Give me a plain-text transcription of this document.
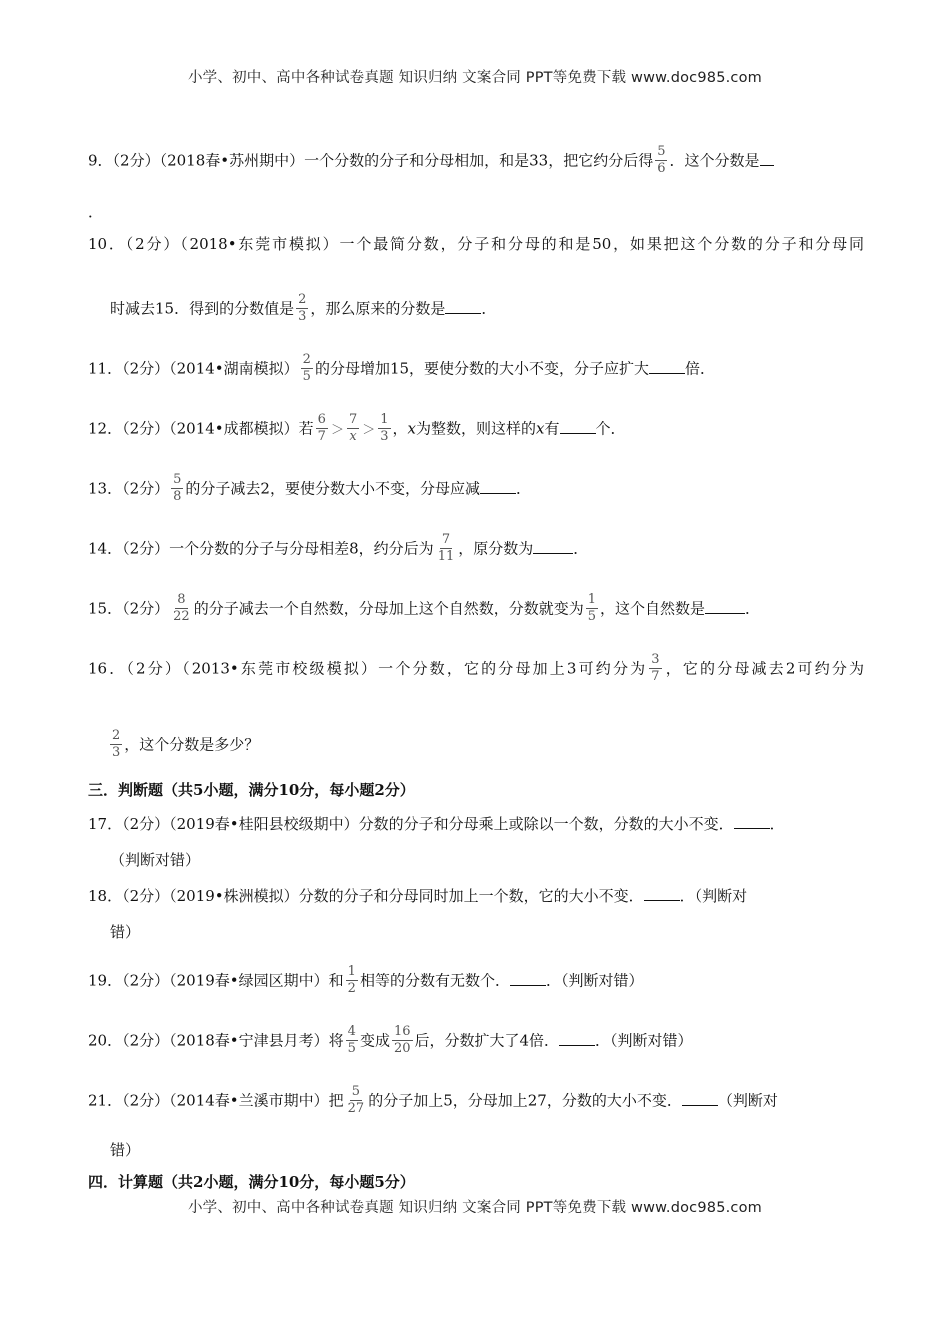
小学、初中、高中各种试卷真题 知识归纳 文案合同 PPT等免费下载 www.doc985.com
9．（2分）（2018春•苏州期中）一个分数的分子和分母相加，和是33，把它约分后得 $\frac{5}{6}$ ．这个分数是
．
10．（2分）（2018•东莞市模拟）一个最简分数，分子和分母的和是50，如果把这个分数的分子和分母同
时减去15．得到的分数值是 $\frac{2}{3}$ ，那么原来的分数是 ．
11．（2分）（2014•湖南模拟） $\frac{2}{5}$ 的分母增加15，要使分数的大小不变，分子应扩大 倍．
12．（2分）（2014•成都模拟）若 $\frac{6}{7} > \frac{7}{x} > \frac{1}{3}$ ，x为整数，则这样的x有 个．
13．（2分） $\frac{5}{8}$ 的分子减去2，要使分数大小不变，分母应减 ．
14．（2分）一个分数的分子与分母相差8，约分后为 $\frac{7}{11}$ ，原分数为	．
15．（2分） $\frac{8}{22}$ 的分子减去一个自然数，分母加上这个自然数，分数就变为 $\frac{1}{5}$ ，这个自然数是	．
16．（2分）（2013•东莞市校级模拟）一个分数，它的分母加上3可约分为 $\frac{3}{7}$ ，它的分母减去2可约分为
$\frac{2}{3}$ ，这个分数是多少？
三．判断题（共5小题，满分10分，每小题2分）
17．（2分）（2019春•桂阳县校级期中）分数的分子和分母乘上或除以一个数，分数的大小不变． ．
（判断对错）
18．（2分）（2019•株洲模拟）分数的分子和分母同时加上一个数，它的大小不变． ．（判断对
错）
19．（2分）（2019春•绿园区期中）和 $\frac{1}{2}$ 相等的分数有无数个． ．（判断对错）
20．（2分）（2018春•宁津县月考）将 $\frac{4}{5}$ 变成 $\frac{16}{20}$ 后，分数扩大了4倍． ．（判断对错）
21．（2分）（2014春•兰溪市期中）把 $\frac{5}{27}$ 的分子加上5，分母加上27，分数的大小不变． （判断对
错）
四．计算题（共2小题，满分10分，每小题5分）
小学、初中、高中各种试卷真题 知识归纳 文案合同 PPT等免费下载 www.doc985.com
